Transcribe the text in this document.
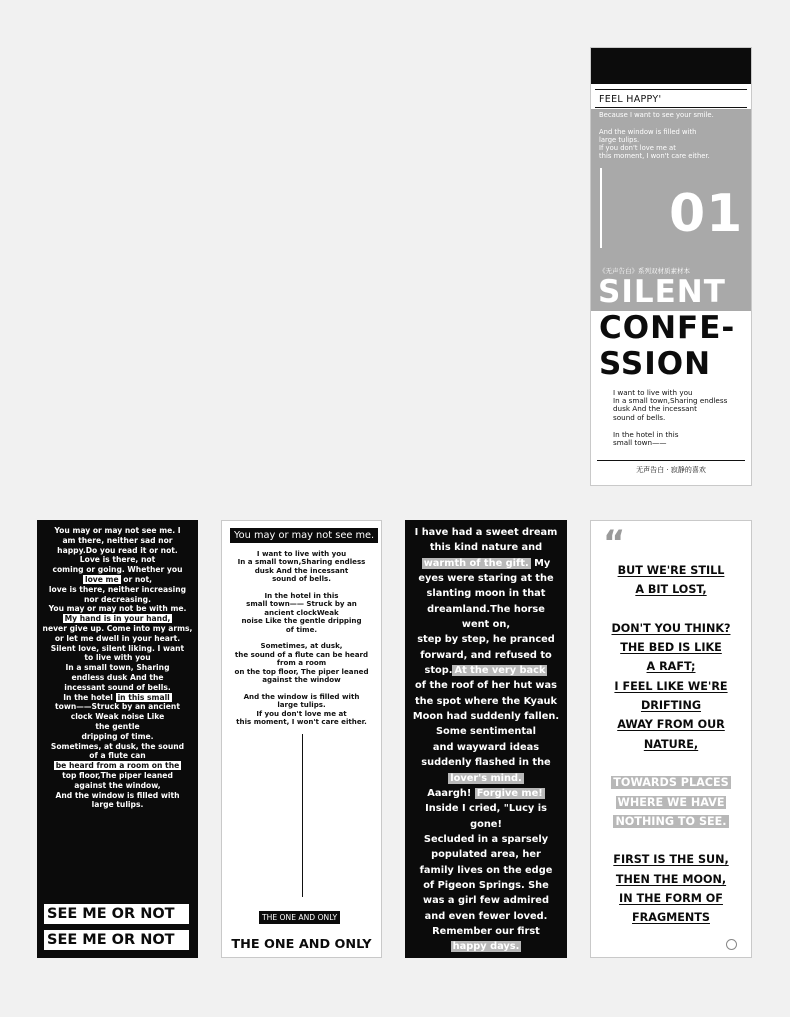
FEEL HAPPY'
Because I want to see your smile.
And the window is filled with
large tulips.
If you don't love me at
this moment, I won't care either.
01
《无声告白》系列双材质素材本
SILENT
CONFE-
SSION
I want to live with you
In a small town,Sharing endless
dusk And the incessant
sound of bells.
In the hotel in this
small town——
无声告白 · 寂静的喜欢
You may or may not see me. I
am there, neither sad nor
happy.Do you read it or not.
Love is there, not
coming or going. Whether you
love me or not,
love is there, neither increasing
nor decreasing.
You may or may not be with me.
My hand is in your hand,
never give up. Come into my arms,
or let me dwell in your heart.
Silent love, silent liking. I want
to live with you
In a small town, Sharing
endless dusk And the
incessant sound of bells.
In the hotel in this small
town——Struck by an ancient
clock Weak noise Like
the gentle
dripping of time.
Sometimes, at dusk, the sound
of a flute can
be heard from a room on the
top floor,The piper leaned
against the window,
And the window is filled with
large tulips.
SEE ME OR NOT
SEE ME OR NOT
You may or may not see me.
I want to live with you
In a small town,Sharing endless
dusk And the incessant
sound of bells.
In the hotel in this
small town—— Struck by an
ancient clockWeak
noise Like the gentle dripping
of time.
Sometimes, at dusk,
the sound of a flute can be heard
from a room
on the top floor, The piper leaned
against the window
And the window is filled with
large tulips.
If you don't love me at
this moment, I won't care either.
THE ONE AND ONLY
THE ONE AND ONLY
I have had a sweet dream
this kind nature and
warmth of the gift. My
eyes were staring at the
slanting moon in that
dreamland.The horse
went on,
step by step, he pranced
forward, and refused to
stop. At the very back
of the roof of her hut was
the spot where the Kyauk
Moon had suddenly fallen.
Some sentimental
and wayward ideas
suddenly flashed in the
lover's mind.
Aaargh! Forgive me!
Inside I cried, "Lucy is
gone!
Secluded in a sparsely
populated area, her
family lives on the edge
of Pigeon Springs. She
was a girl few admired
and even fewer loved.
Remember our first
happy days.
“
BUT WE'RE STILL
A BIT LOST,
DON'T YOU THINK?
THE BED IS LIKE
A RAFT;
I FEEL LIKE WE'RE
DRIFTING
AWAY FROM OUR
NATURE,
TOWARDS PLACES
WHERE WE HAVE
NOTHING TO SEE.
FIRST IS THE SUN,
THEN THE MOON,
IN THE FORM OF
FRAGMENTS
